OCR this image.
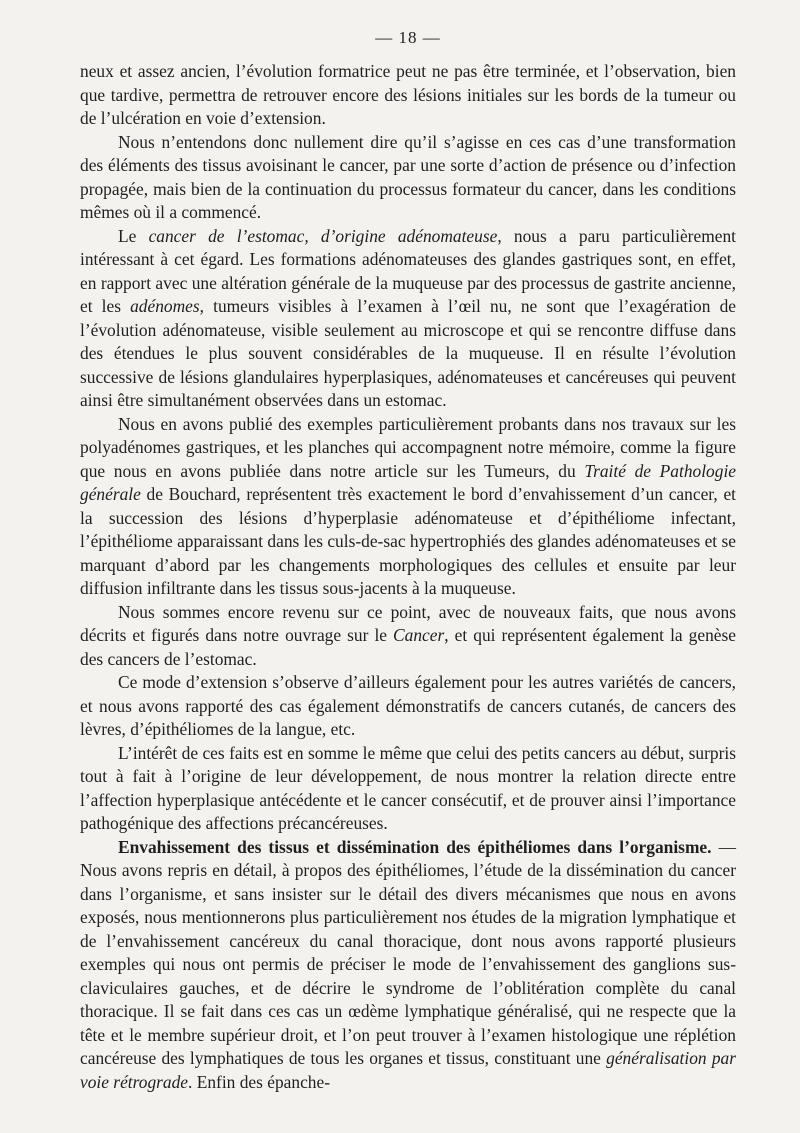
— 18 —

neux et assez ancien, l’évolution formatrice peut ne pas être terminée, et l’observation, bien que tardive, permettra de retrouver encore des lésions initiales sur les bords de la tumeur ou de l’ulcération en voie d’extension.

Nous n’entendons donc nullement dire qu’il s’agisse en ces cas d’une transformation des éléments des tissus avoisinant le cancer, par une sorte d’action de présence ou d’infection propagée, mais bien de la continuation du processus formateur du cancer, dans les conditions mêmes où il a commencé.

Le cancer de l’estomac, d’origine adénomateuse, nous a paru particulièrement intéressant à cet égard. Les formations adénomateuses des glandes gastriques sont, en effet, en rapport avec une altération générale de la muqueuse par des processus de gastrite ancienne, et les adénomes, tumeurs visibles à l’examen à l’œil nu, ne sont que l’exagération de l’évolution adénomateuse, visible seulement au microscope et qui se rencontre diffuse dans des étendues le plus souvent considérables de la muqueuse. Il en résulte l’évolution successive de lésions glandulaires hyperplasiques, adénomateuses et cancéreuses qui peuvent ainsi être simultanément observées dans un estomac.

Nous en avons publié des exemples particulièrement probants dans nos travaux sur les polyadénomes gastriques, et les planches qui accompagnent notre mémoire, comme la figure que nous en avons publiée dans notre article sur les Tumeurs, du Traité de Pathologie générale de Bouchard, représentent très exactement le bord d’envahissement d’un cancer, et la succession des lésions d’hyperplasie adénomateuse et d’épithéliome infectant, l’épithéliome apparaissant dans les culs-de-sac hypertrophiés des glandes adénomateuses et se marquant d’abord par les changements morphologiques des cellules et ensuite par leur diffusion infiltrante dans les tissus sous-jacents à la muqueuse.

Nous sommes encore revenu sur ce point, avec de nouveaux faits, que nous avons décrits et figurés dans notre ouvrage sur le Cancer, et qui représentent également la genèse des cancers de l’estomac.

Ce mode d’extension s’observe d’ailleurs également pour les autres variétés de cancers, et nous avons rapporté des cas également démonstratifs de cancers cutanés, de cancers des lèvres, d’épithéliomes de la langue, etc.

L’intérêt de ces faits est en somme le même que celui des petits cancers au début, surpris tout à fait à l’origine de leur développement, de nous montrer la relation directe entre l’affection hyperplasique antécédente et le cancer consécutif, et de prouver ainsi l’importance pathogénique des affections précancéreuses.

Envahissement des tissus et dissémination des épithéliomes dans l’organisme. — Nous avons repris en détail, à propos des épithéliomes, l’étude de la dissémination du cancer dans l’organisme, et sans insister sur le détail des divers mécanismes que nous en avons exposés, nous mentionnerons plus particulièrement nos études de la migration lymphatique et de l’envahissement cancéreux du canal thoracique, dont nous avons rapporté plusieurs exemples qui nous ont permis de préciser le mode de l’envahissement des ganglions sus-claviculaires gauches, et de décrire le syndrome de l’oblitération complète du canal thoracique. Il se fait dans ces cas un œdème lymphatique généralisé, qui ne respecte que la tête et le membre supérieur droit, et l’on peut trouver à l’examen histologique une réplétion cancéreuse des lymphatiques de tous les organes et tissus, constituant une généralisation par voie rétrograde. Enfin des épanche-
